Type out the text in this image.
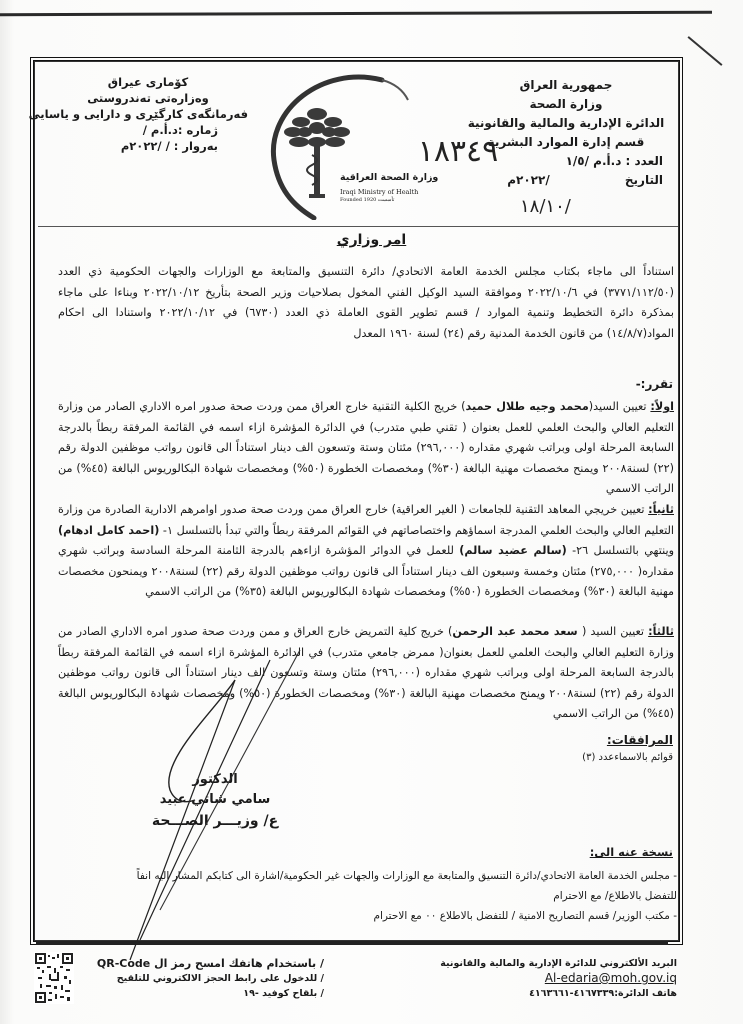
جمهورية العراق
وزارة الصحة
الدائرة الإدارية والمالية والقانونية
قسم إدارة الموارد البشرية
العدد : د.أ.م /١/٥
التاريخ                  /٢٠٢٢م
كۆماری عیراق
وەزارەتی تەندروستی
فەرمانگەی كارگێڕی و دارایی و یاسایی
ژمارە :د.أ.م /
بەروار : / /٢٠٢٢م
وزارة الصحة العراقية
Iraqi Ministry of Health
Founded 1920 تأسست
١٨٣٤٩
١٨/١٠/
امر وزاري
استناداً الى ماجاء بكتاب مجلس الخدمة العامة الاتحادي/ دائرة التنسيق والمتابعة مع الوزارات والجهات الحكومية ذي العدد (٣٧٧١/١١٢/٥٠) في ٢٠٢٢/١٠/٦ وموافقة السيد الوكيل الفني المخول بصلاحيات وزير الصحة بتأريخ ٢٠٢٢/١٠/١٢ وبناءا على ماجاء بمذكرة دائرة التخطيط وتنمية الموارد / قسم تطوير القوى العاملة ذي العدد (٦٧٣٠) في ٢٠٢٢/١٠/١٢ واستنادا الى احكام المواد(١٤/٨/٧) من قانون الخدمة المدنية رقم (٢٤) لسنة ١٩٦٠ المعدل
تقرر:-
اولاً: تعيين السيد(محمد وجيه طلال حميد) خريج الكلية التقنية خارج العراق ممن وردت صحة صدور امره الاداري الصادر من وزارة التعليم العالي والبحث العلمي للعمل بعنوان ( تقني طبي متدرب) في الدائرة المؤشرة ازاء اسمه في القائمة المرفقة ربطاً بالدرجة السابعة المرحلة اولى وبراتب شهري مقداره (٢٩٦,٠٠٠) مئتان وستة وتسعون الف دينار استناداً الى قانون رواتب موظفين الدولة رقم (٢٢) لسنة٢٠٠٨ ويمنح مخصصات مهنية البالغة (٣٠%) ومخصصات الخطورة (٥٠%) ومخصصات شهادة البكالوريوس البالغة (٤٥%) من الراتب الاسمي
ثانياً: تعيين خريجي المعاهد التقنية للجامعات ( الغير العراقية) خارج العراق ممن وردت صحة صدور اوامرهم الادارية الصادرة من وزارة التعليم العالي والبحث العلمي المدرجة اسماؤهم واختصاصاتهم في القوائم المرفقة ربطاً والتي تبدأ بالتسلسل ١- (احمد كامل ادهام) وينتهي بالتسلسل ٢٦- (سالم عضيد سالم) للعمل في الدوائر المؤشرة ازاءهم بالدرجة الثامنة المرحلة السادسة وبراتب شهري مقداره( ٢٧٥,٠٠٠) مئتان وخمسة وسبعون الف دينار استناداً الى قانون رواتب موظفين الدولة رقم (٢٢) لسنة٢٠٠٨ ويمنحون مخصصات مهنية البالغة (٣٠%) ومخصصات الخطورة (٥٠%) ومخصصات شهادة البكالوريوس البالغة (٣٥%) من الراتب الاسمي
ثالثاً: تعيين السيد ( سعد محمد عبد الرحمن) خريج كلية التمريض خارج العراق و ممن وردت صحة صدور امره الاداري الصادر من وزارة التعليم العالي والبحث العلمي للعمل بعنوان( ممرض جامعي متدرب) في الدائرة المؤشرة ازاء اسمه في القائمة المرفقة ربطاً بالدرجة السابعة المرحلة اولى وبراتب شهري مقداره (٢٩٦,٠٠٠) مئتان وستة وتسعون الف دينار استناداً الى قانون رواتب موظفين الدولة رقم (٢٢) لسنة٢٠٠٨ ويمنح مخصصات مهنية البالغة (٣٠%) ومخصصات الخطورة (٥٠%) ومخصصات شهادة البكالوريوس البالغة (٤٥%) من الراتب الاسمي
المرافقات:
قوائم بالاسماءعدد (٣)
الدكتور
سامي شاتي عبيد
ع/ وزيـــر الصـــحة
نسخة عنه الى:
- مجلس الخدمة العامة الاتحادي/دائرة التنسيق والمتابعة مع الوزارات والجهات غير الحكومية/اشارة الى كتابكم المشار اليه انفاً
للتفضل بالاطلاع/ مع الاحترام
- مكتب الوزير/ قسم التصاريح الامنية / للتفضل بالاطلاع ٠٠ مع الاحترام
البريد الألكتروني للدائرة الإدارية والمالية والقانونية
Al-edaria@moh.gov.iq
هاتف الدائرة:٤١٦٧٣٣٩-٤١٦٣٦٦١
/ باستخدام هاتفك امسح رمز ال QR-Code
/ للدخول على رابط الحجز الالكتروني للتلقيح
/ بلقاح كوفيد -١٩
